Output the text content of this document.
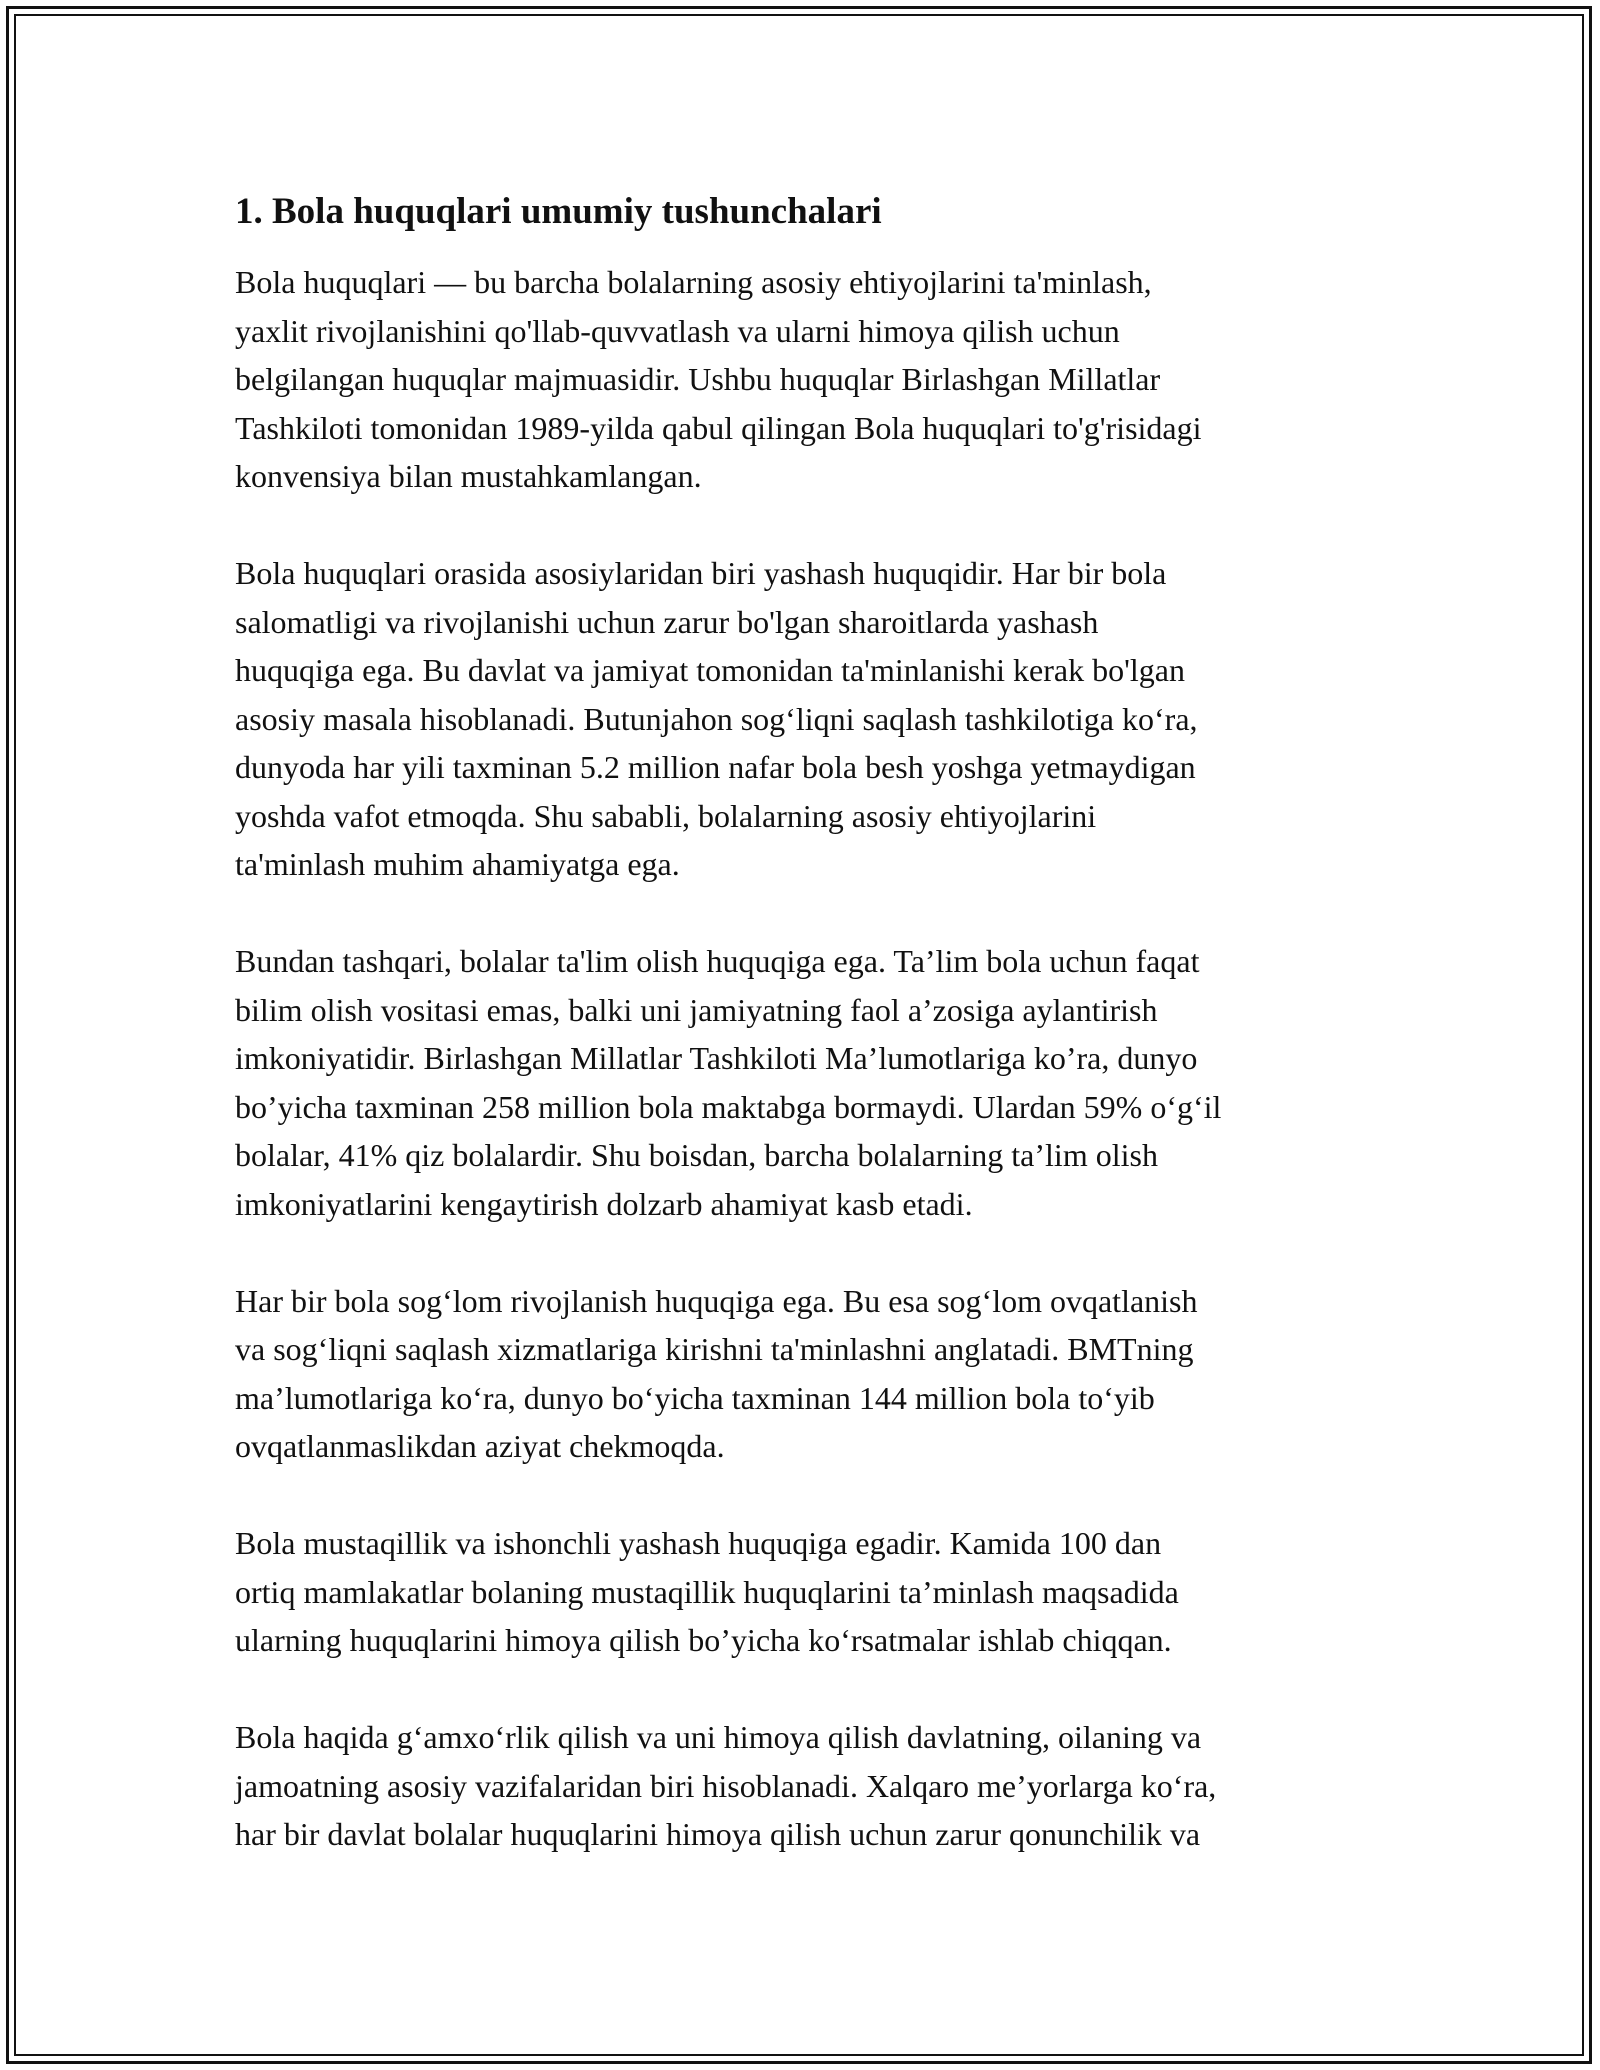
1. Bola huquqlari umumiy tushunchalari

Bola huquqlari — bu barcha bolalarning asosiy ehtiyojlarini ta'minlash,
yaxlit rivojlanishini qo'llab-quvvatlash va ularni himoya qilish uchun
belgilangan huquqlar majmuasidir. Ushbu huquqlar Birlashgan Millatlar
Tashkiloti tomonidan 1989-yilda qabul qilingan Bola huquqlari to'g'risidagi
konvensiya bilan mustahkamlangan.

Bola huquqlari orasida asosiylaridan biri yashash huquqidir. Har bir bola
salomatligi va rivojlanishi uchun zarur bo'lgan sharoitlarda yashash
huquqiga ega. Bu davlat va jamiyat tomonidan ta'minlanishi kerak bo'lgan
asosiy masala hisoblanadi. Butunjahon sog‘liqni saqlash tashkilotiga ko‘ra,
dunyoda har yili taxminan 5.2 million nafar bola besh yoshga yetmaydigan
yoshda vafot etmoqda. Shu sababli, bolalarning asosiy ehtiyojlarini
ta'minlash muhim ahamiyatga ega.

Bundan tashqari, bolalar ta'lim olish huquqiga ega. Ta’lim bola uchun faqat
bilim olish vositasi emas, balki uni jamiyatning faol a’zosiga aylantirish
imkoniyatidir. Birlashgan Millatlar Tashkiloti Ma’lumotlariga ko’ra, dunyo
bo’yicha taxminan 258 million bola maktabga bormaydi. Ulardan 59% o‘g‘il
bolalar, 41% qiz bolalardir. Shu boisdan, barcha bolalarning ta’lim olish
imkoniyatlarini kengaytirish dolzarb ahamiyat kasb etadi.

Har bir bola sog‘lom rivojlanish huquqiga ega. Bu esa sog‘lom ovqatlanish
va sog‘liqni saqlash xizmatlariga kirishni ta'minlashni anglatadi. BMTning
ma’lumotlariga ko‘ra, dunyo bo‘yicha taxminan 144 million bola to‘yib
ovqatlanmaslikdan aziyat chekmoqda.

Bola mustaqillik va ishonchli yashash huquqiga egadir. Kamida 100 dan
ortiq mamlakatlar bolaning mustaqillik huquqlarini ta’minlash maqsadida
ularning huquqlarini himoya qilish bo’yicha ko‘rsatmalar ishlab chiqqan.

Bola haqida g‘amxo‘rlik qilish va uni himoya qilish davlatning, oilaning va
jamoatning asosiy vazifalaridan biri hisoblanadi. Xalqaro me’yorlarga ko‘ra,
har bir davlat bolalar huquqlarini himoya qilish uchun zarur qonunchilik va
